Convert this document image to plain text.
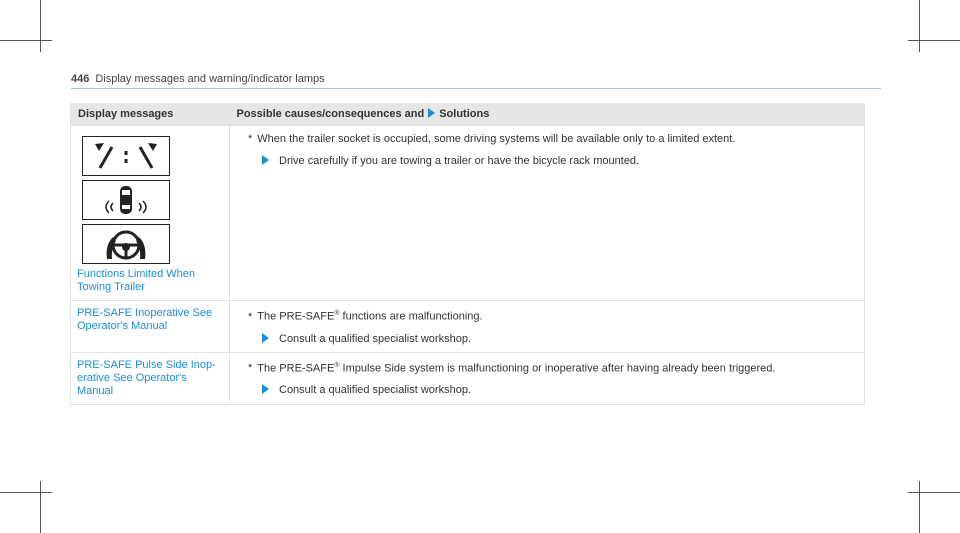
446 Display messages and warning/indicator lamps
Display messages	Possible causes/consequences and Solutions

Functions Limited When Towing Trailer	* When the trailer socket is occupied, some driving systems will be available only to a limited extent.
Drive carefully if you are towing a trailer or have the bicycle rack mounted.

PRE-SAFE Inoperative See Operator's Manual	* The PRE-SAFE® functions are malfunctioning.
Consult a qualified specialist workshop.

PRE-SAFE Pulse Side Inop- erative See Operator's Manual	* The PRE-SAFE® Impulse Side system is malfunctioning or inoperative after having already been triggered.
Consult a qualified specialist workshop.
